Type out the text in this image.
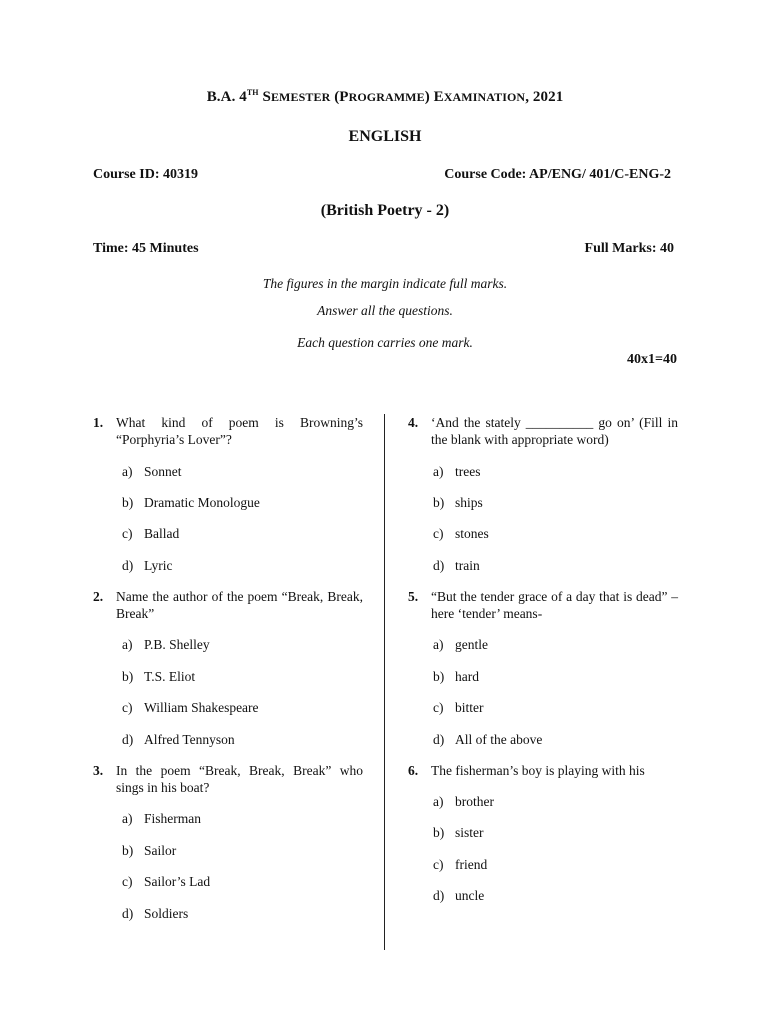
B.A. 4TH SEMESTER (PROGRAMME) EXAMINATION, 2021
ENGLISH
Course ID: 40319	Course Code: AP/ENG/ 401/C-ENG-2
(British Poetry - 2)
Time: 45 Minutes	Full Marks: 40
The figures in the margin indicate full marks.
Answer all the questions.
Each question carries one mark.
40x1=40
1. What kind of poem is Browning’s “Porphyria’s Lover”?
a) Sonnet
b) Dramatic Monologue
c) Ballad
d) Lyric
2. Name the author of the poem “Break, Break, Break”
a) P.B. Shelley
b) T.S. Eliot
c) William Shakespeare
d) Alfred Tennyson
3. In the poem “Break, Break, Break” who sings in his boat?
a) Fisherman
b) Sailor
c) Sailor’s Lad
d) Soldiers
4. ‘And the stately __________ go on’ (Fill in the blank with appropriate word)
a) trees
b) ships
c) stones
d) train
5. “But the tender grace of a day that is dead” – here ‘tender’ means-
a) gentle
b) hard
c) bitter
d) All of the above
6. The fisherman’s boy is playing with his
a) brother
b) sister
c) friend
d) uncle
